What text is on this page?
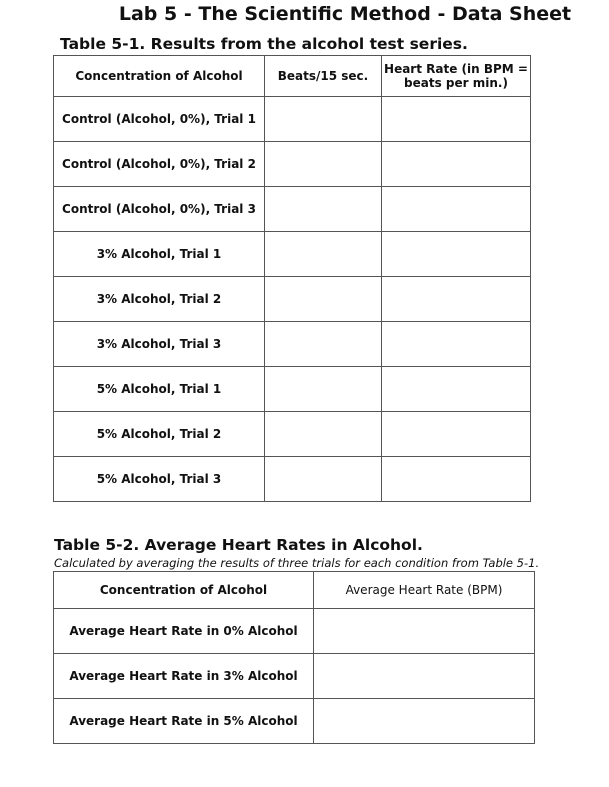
Lab 5 - The Scientific Method - Data Sheet
Table 5-1. Results from the alcohol test series.
Concentration of Alcohol	Beats/15 sec.	Heart Rate (in BPM = beats per min.)
Control (Alcohol, 0%), Trial 1		
Control (Alcohol, 0%), Trial 2		
Control (Alcohol, 0%), Trial 3		
3% Alcohol, Trial 1		
3% Alcohol, Trial 2		
3% Alcohol, Trial 3		
5% Alcohol, Trial 1		
5% Alcohol, Trial 2		
5% Alcohol, Trial 3		
Table 5-2. Average Heart Rates in Alcohol.
Calculated by averaging the results of three trials for each condition from Table 5-1.
Concentration of Alcohol	Average Heart Rate (BPM)
Average Heart Rate in 0% Alcohol	
Average Heart Rate in 3% Alcohol	
Average Heart Rate in 5% Alcohol	
